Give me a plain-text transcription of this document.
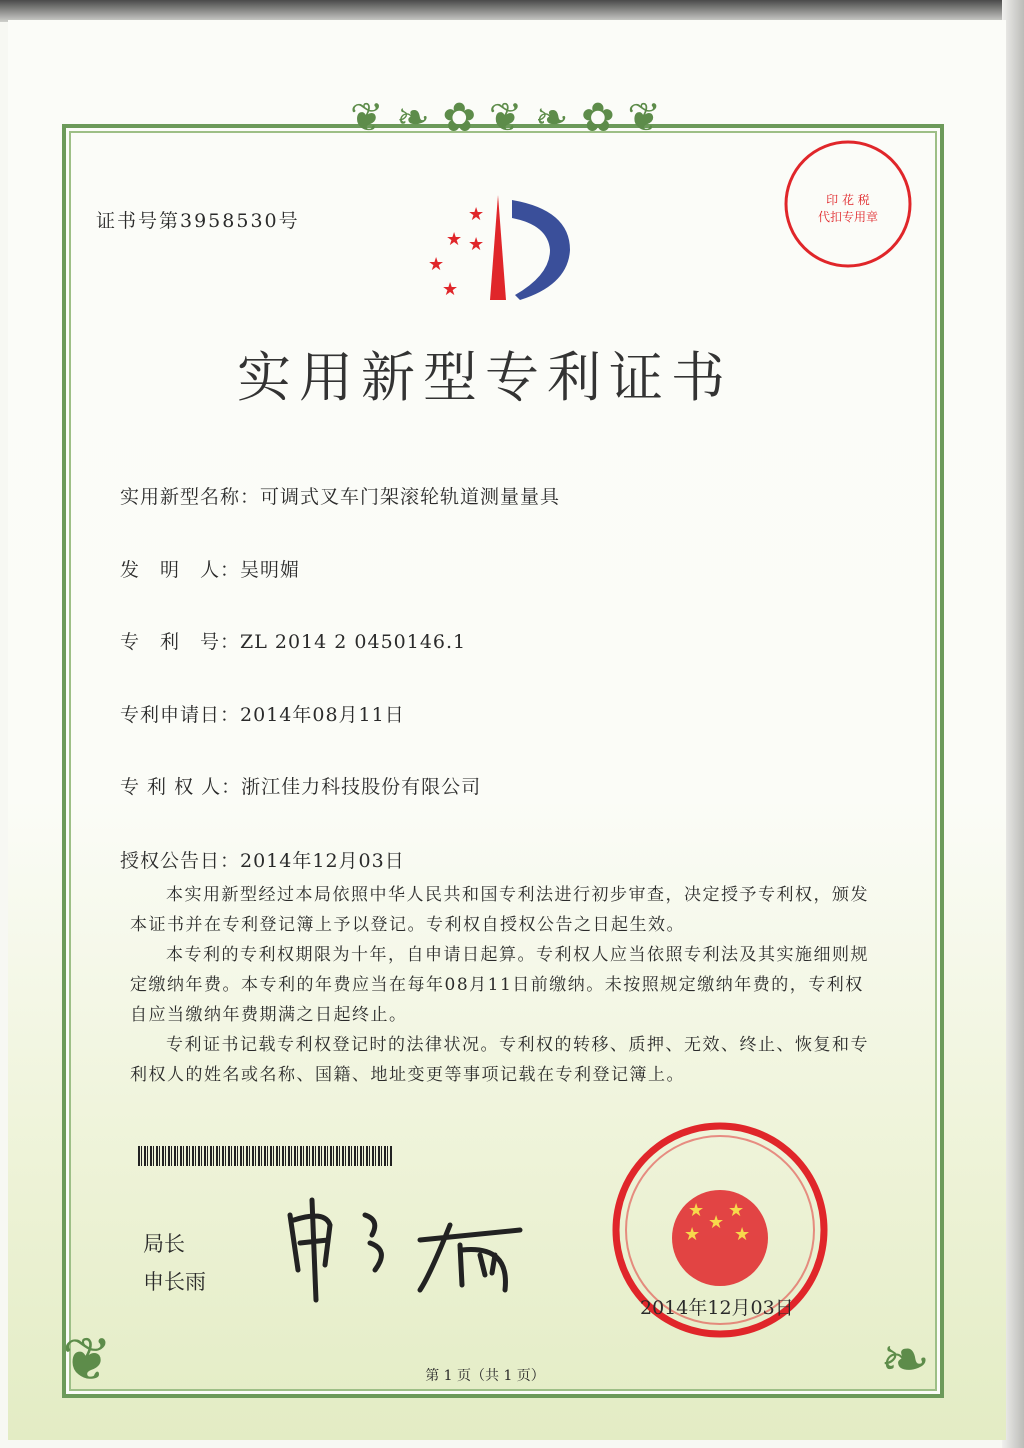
❦ ❧ ✿ ❦ ❧ ✿ ❦
❦	❧
证书号第3958530号	★
★
★
★
★
印 花 税
代扣专用章
实用新型专利证书
实用新型名称：可调式叉车门架滚轮轨道测量量具
发　明　人：吴明媚
专　利　号：ZL 2014 2 0450146.1
专利申请日：2014年08月11日
专 利 权 人：浙江佳力科技股份有限公司
授权公告日：2014年12月03日

本实用新型经过本局依照中华人民共和国专利法进行初步审查，决定授予专利权，颁发本证书并在专利登记簿上予以登记。专利权自授权公告之日起生效。

本专利的专利权期限为十年，自申请日起算。专利权人应当依照专利法及其实施细则规定缴纳年费。本专利的年费应当在每年08月11日前缴纳。未按照规定缴纳年费的，专利权自应当缴纳年费期满之日起终止。

专利证书记载专利权登记时的法律状况。专利权的转移、质押、无效、终止、恢复和专利权人的姓名或名称、国籍、地址变更等事项记载在专利登记簿上。

局长
申长雨
★
★ ★
★ ★
2014年12月03日
第 1 页（共 1 页）
